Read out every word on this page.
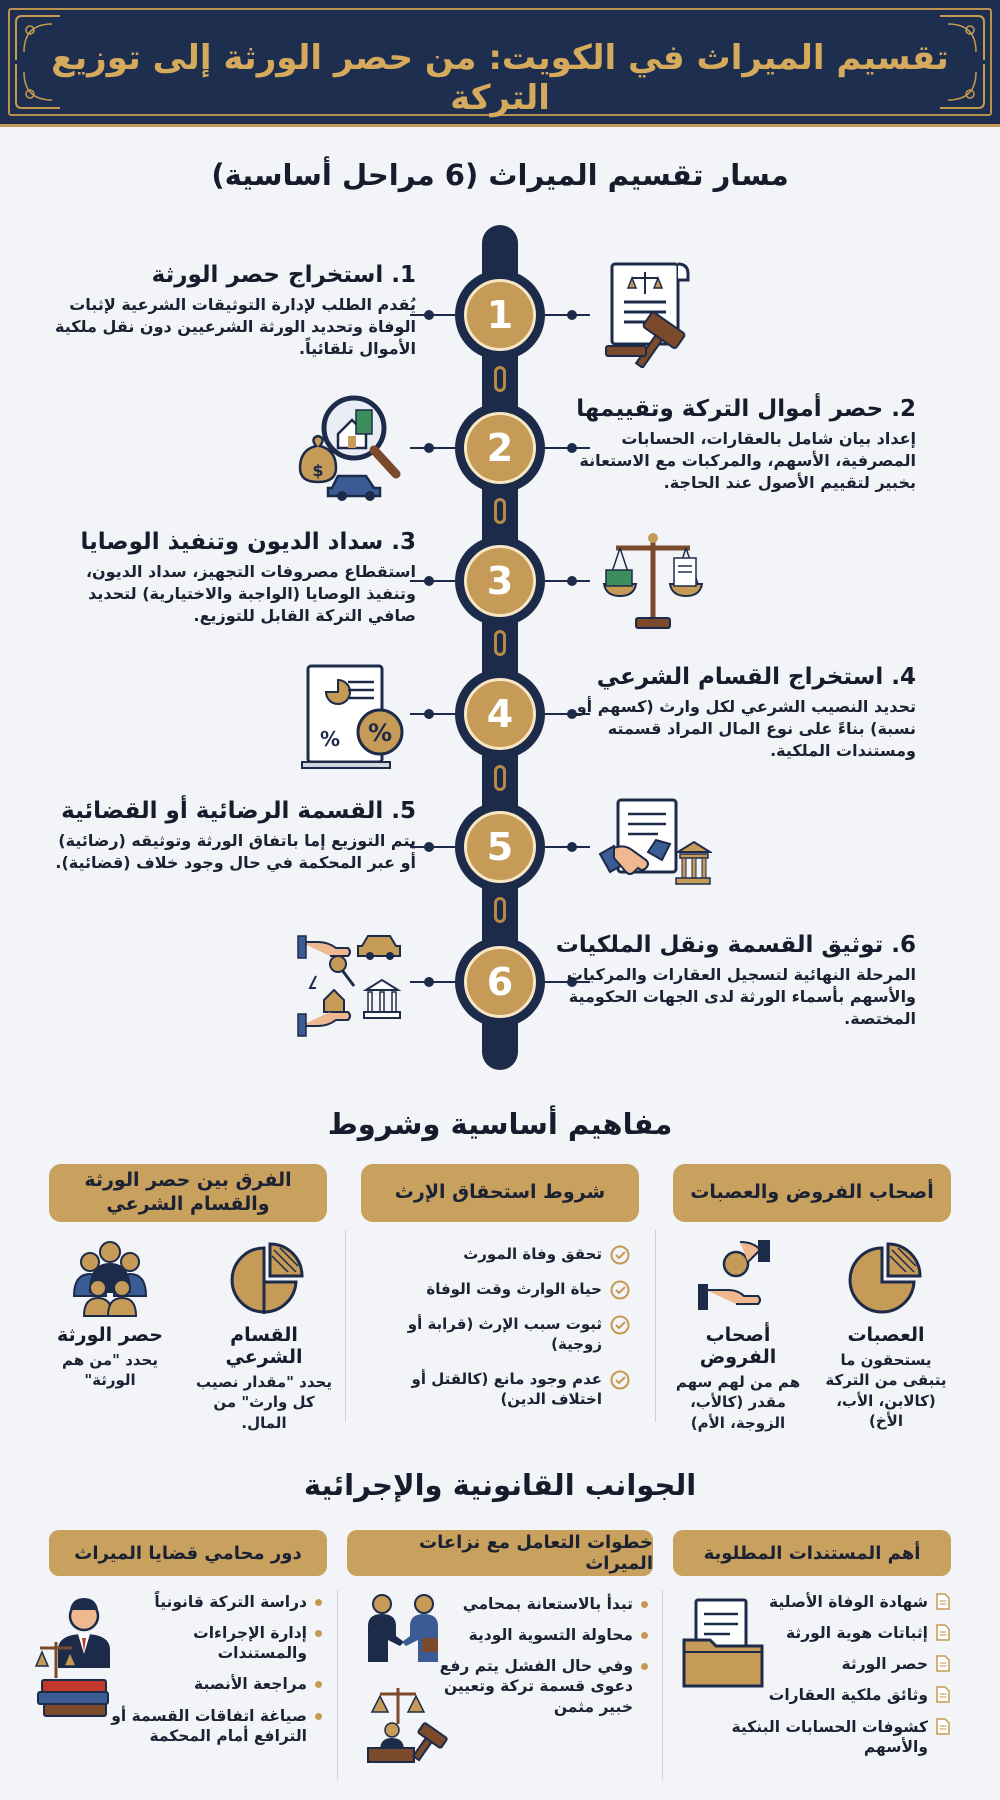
تقسيم الميراث في الكويت: من حصر الورثة إلى توزيع التركة
مسار تقسيم الميراث (6 مراحل أساسية)
1
2
3
4
5
6
1. استخراج حصر الورثة
يُقدم الطلب لإدارة التوثيقات الشرعية لإثبات الوفاة وتحديد الورثة الشرعيين دون نقل ملكية الأموال تلقائياً.
2. حصر أموال التركة وتقييمها
إعداد بيان شامل بالعقارات، الحسابات المصرفية، الأسهم، والمركبات مع الاستعانة بخبير لتقييم الأصول عند الحاجة.
3. سداد الديون وتنفيذ الوصايا
استقطاع مصروفات التجهيز، سداد الديون، وتنفيذ الوصايا (الواجبة والاختيارية) لتحديد صافي التركة القابل للتوزيع.
4. استخراج القسام الشرعي
تحديد النصيب الشرعي لكل وارث (كسهم أو نسبة) بناءً على نوع المال المراد قسمته ومستندات الملكية.
5. القسمة الرضائية أو القضائية
يتم التوزيع إما باتفاق الورثة وتوثيقه (رضائية) أو عبر المحكمة في حال وجود خلاف (قضائية).
6. توثيق القسمة ونقل الملكيات
المرحلة النهائية لتسجيل العقارات والمركبات والأسهم بأسماء الورثة لدى الجهات الحكومية المختصة.
$
% %
مفاهيم أساسية وشروط
أصحاب الفروض والعصبات
شروط استحقاق الإرث
الفرق بين حصر الورثة والقسام الشرعي
العصبات
يستحقون ما يتبقى من التركة (كالابن، الأب، الأخ)
أصحاب الفروض
هم من لهم سهم مقدر (كالأب، الزوجة، الأم)
تحقق وفاة المورث
حياة الوارث وقت الوفاة
ثبوت سبب الإرث (قرابة أو زوجية)
عدم وجود مانع (كالقتل أو اختلاف الدين)
القسام الشرعي
يحدد "مقدار نصيب كل وارث" من المال.
حصر الورثة
يحدد "من هم الورثة"
الجوانب القانونية والإجرائية
أهم المستندات المطلوبة
خطوات التعامل مع نزاعات الميراث
دور محامي قضايا الميراث
شهادة الوفاة الأصلية
إثباتات هوية الورثة
حصر الورثة
وثائق ملكية العقارات
كشوفات الحسابات البنكية والأسهم
تبدأ بالاستعانة بمحامي
محاولة التسوية الودية
وفي حال الفشل يتم رفع دعوى قسمة تركة وتعيين خبير مثمن
دراسة التركة قانونياً
إدارة الإجراءات والمستندات
مراجعة الأنصبة
صياغة اتفاقات القسمة أو الترافع أمام المحكمة
